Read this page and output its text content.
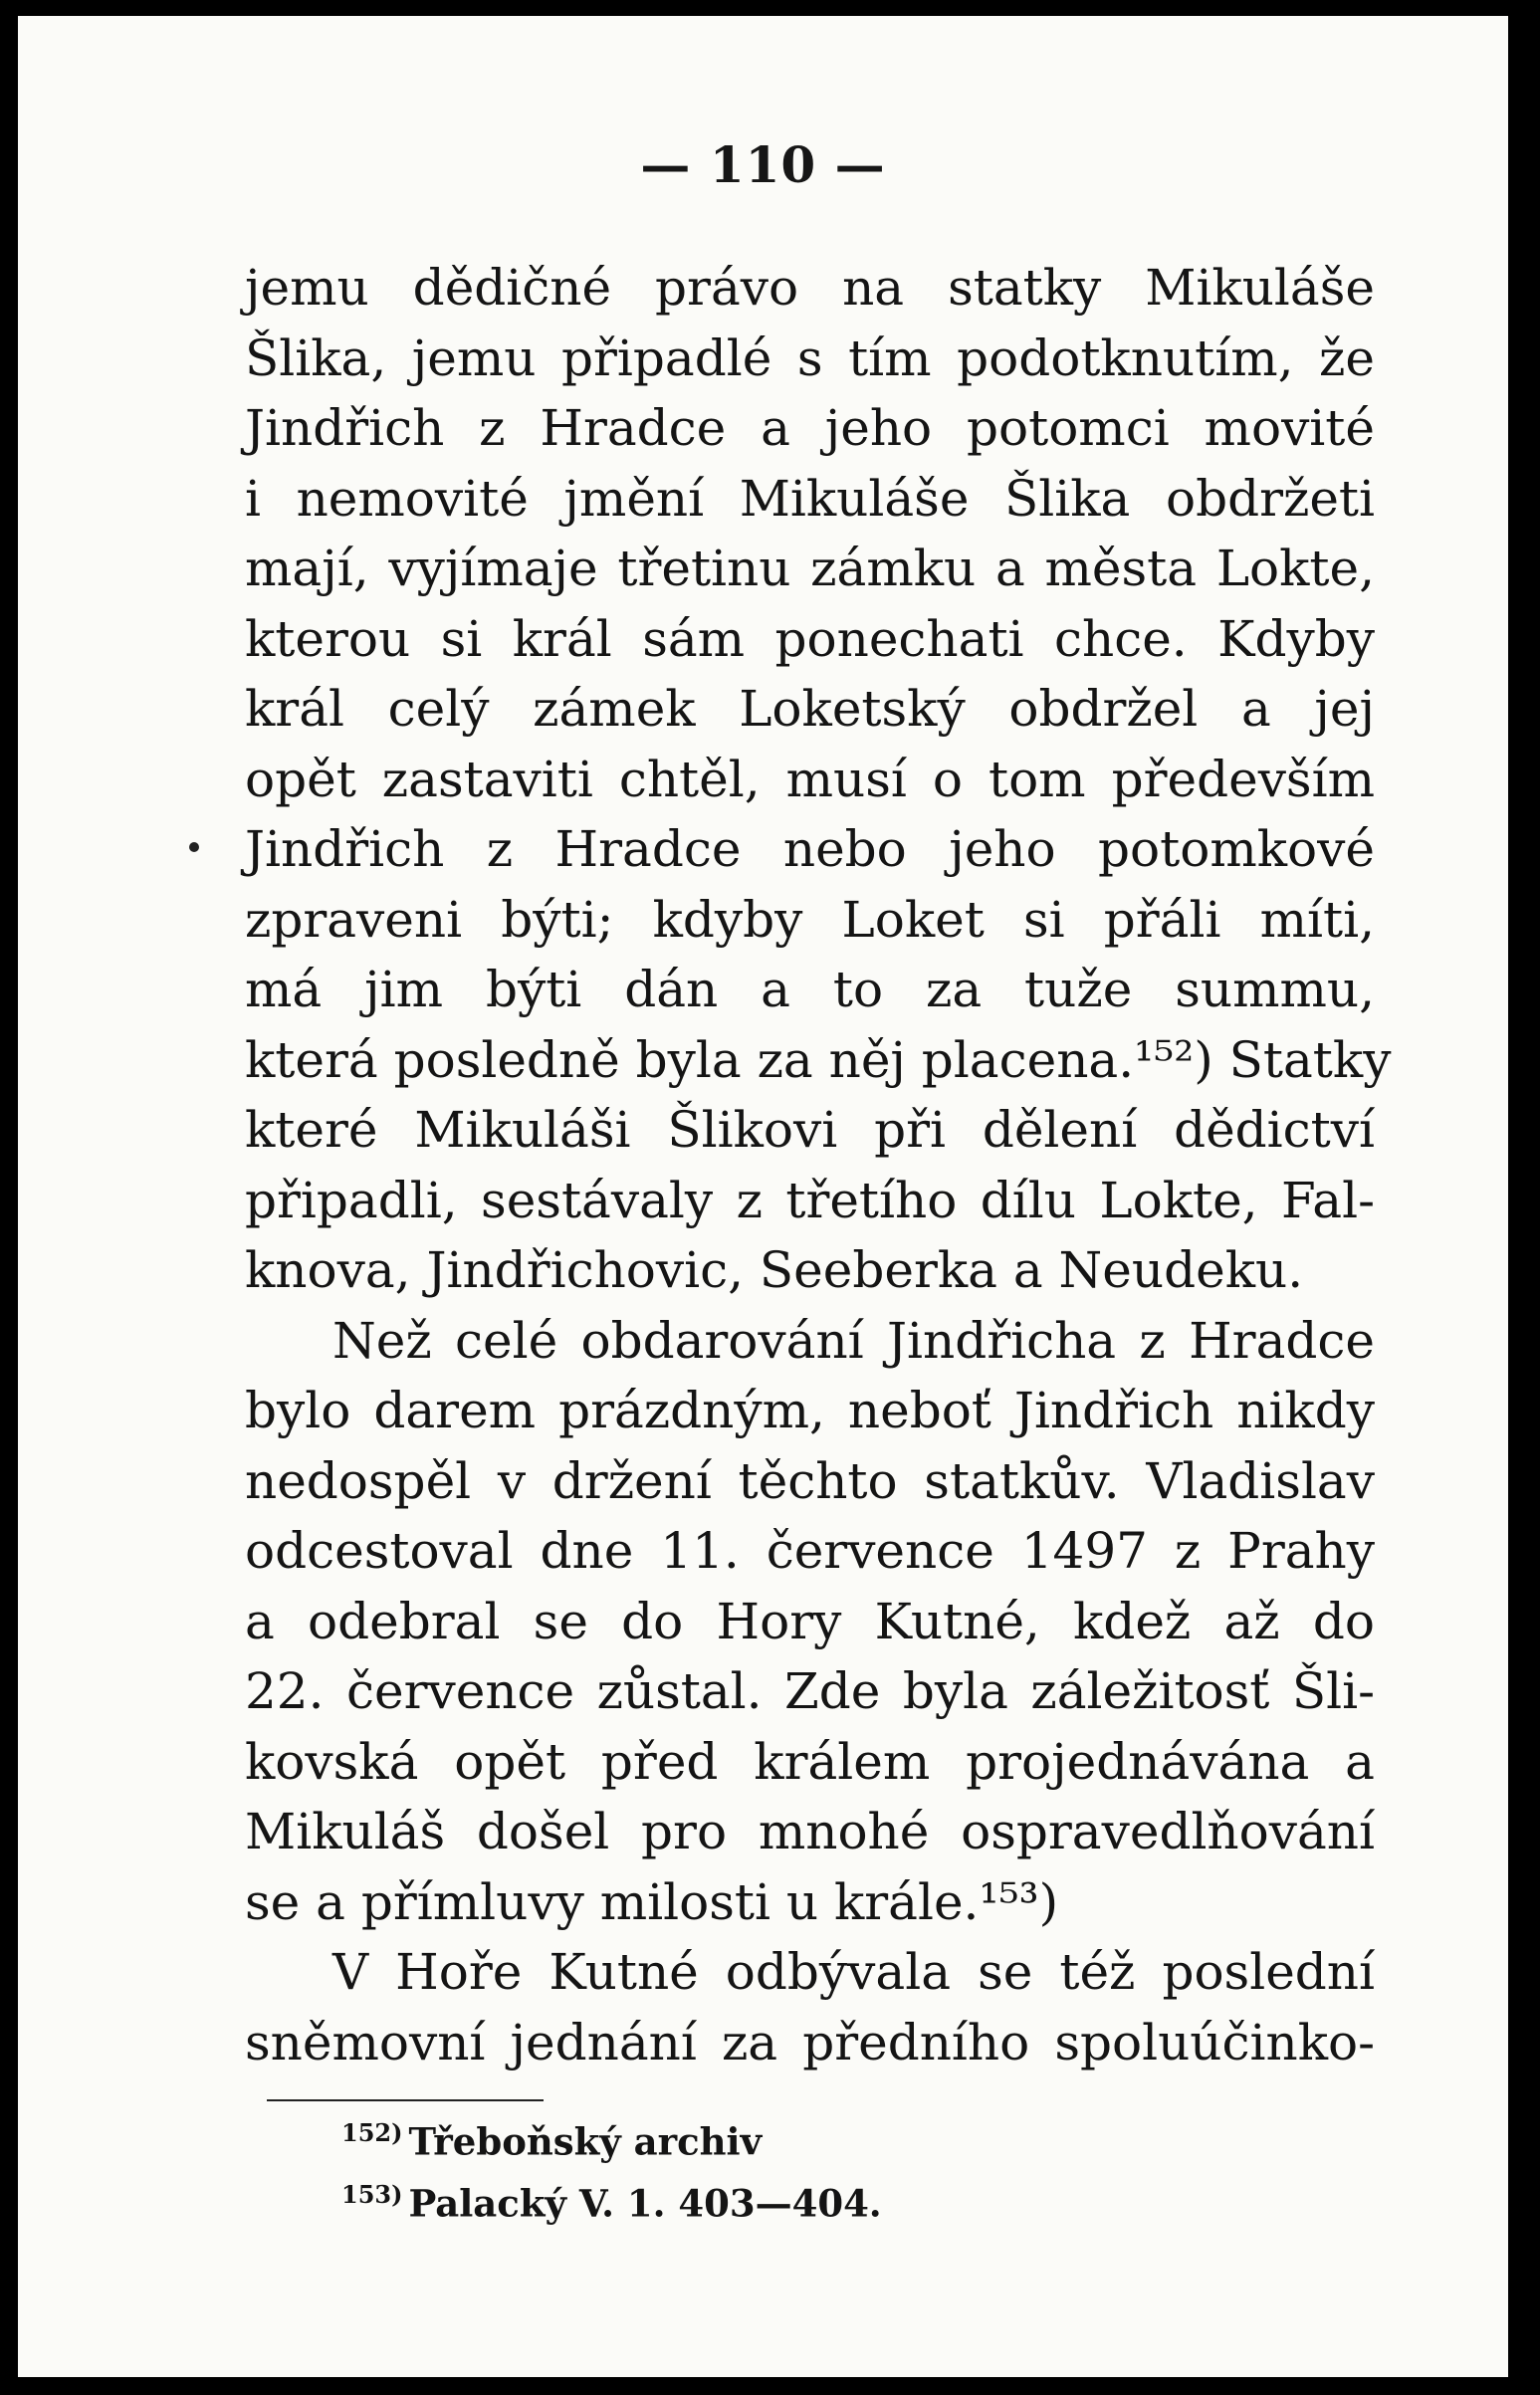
— 110 —
jemu dědičné právo na statky Mikuláše
Šlika, jemu připadlé s tím podotknutím, že
Jindřich z Hradce a jeho potomci movité
i nemovité jmění Mikuláše Šlika obdržeti
mají, vyjímaje třetinu zámku a města Lokte,
kterou si král sám ponechati chce. Kdyby
král celý zámek Loketský obdržel a jej
opět zastaviti chtěl, musí o tom především
Jindřich z Hradce nebo jeho potomkové
zpraveni býti; kdyby Loket si přáli míti,
má jim býti dán a to za tuže summu,
která posledně byla za něj placena.¹⁵²) Statky
které Mikuláši Šlikovi při dělení dědictví
připadli, sestávaly z třetího dílu Lokte, Fal-
knova, Jindřichovic, Seeberka a Neudeku.
Než celé obdarování Jindřicha z Hradce
bylo darem prázdným, neboť Jindřich nikdy
nedospěl v držení těchto statkův. Vladislav
odcestoval dne 11. července 1497 z Prahy
a odebral se do Hory Kutné, kdež až do
22. července zůstal. Zde byla záležitosť Šli-
kovská opět před králem projednávána a
Mikuláš došel pro mnohé ospravedlňování
se a přímluvy milosti u krále.¹⁵³)
V Hoře Kutné odbývala se též poslední
sněmovní jednání za předního spoluúčinko-
$^{152)}$ Třeboňský archiv
$^{153)}$ Palacký V. 1. 403—404.
